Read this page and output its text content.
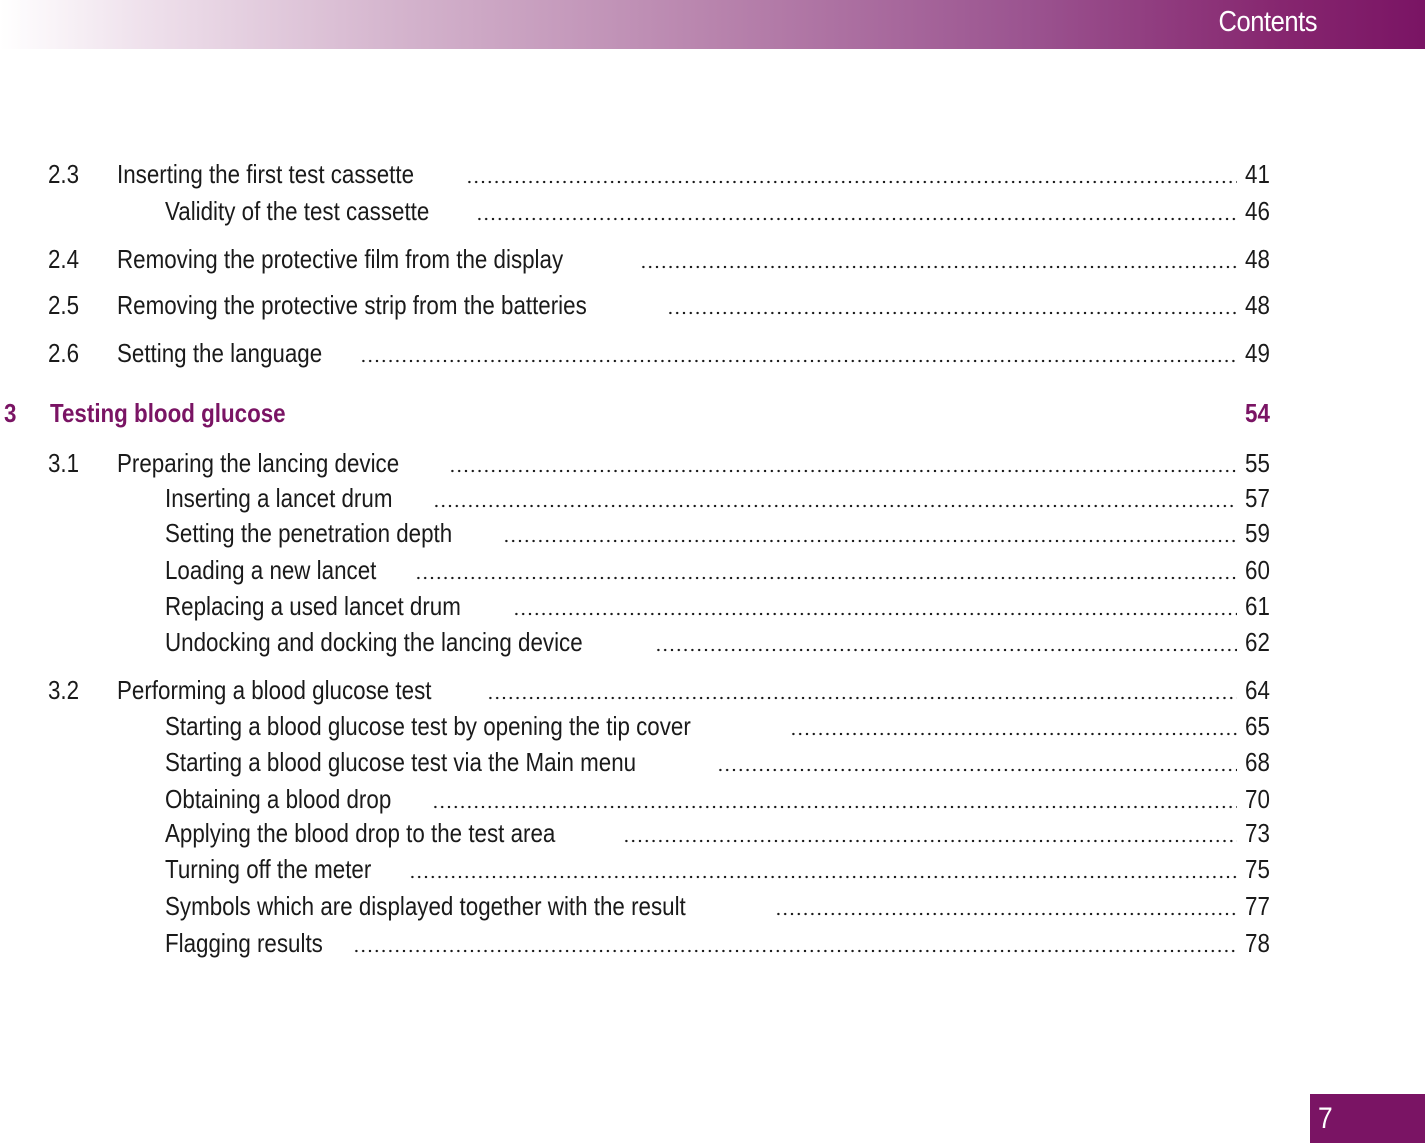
Contents
2.3 Inserting the first test cassette	41
Validity of the test cassette	46
2.4 Removing the protective film from the display	48
2.5 Removing the protective strip from the batteries	48
2.6 Setting the language	49
3 Testing blood glucose	54
3.1 Preparing the lancing device	55
Inserting a lancet drum	57
Setting the penetration depth	59
Loading a new lancet	60
Replacing a used lancet drum	61
Undocking and docking the lancing device	62
3.2 Performing a blood glucose test	64
Starting a blood glucose test by opening the tip cover	65
Starting a blood glucose test via the Main menu	68
Obtaining a blood drop	70
Applying the blood drop to the test area	73
Turning off the meter	75
Symbols which are displayed together with the result	77
Flagging results	78
7
